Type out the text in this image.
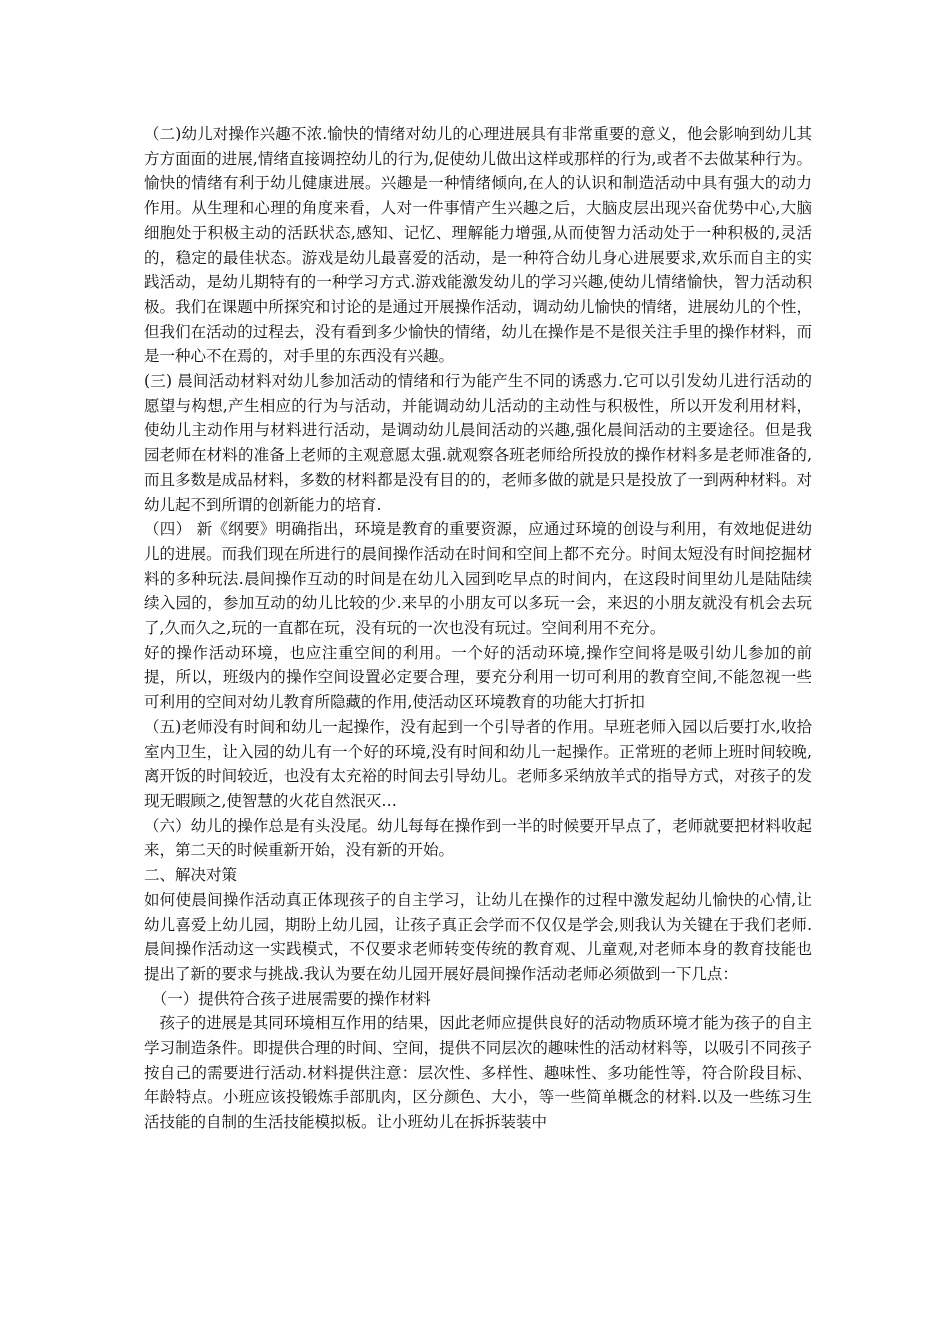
（二)幼儿对操作兴趣不浓.愉快的情绪对幼儿的心理进展具有非常重要的意义，他会影响到幼儿其方方面面的进展,情绪直接调控幼儿的行为,促使幼儿做出这样或那样的行为,或者不去做某种行为。愉快的情绪有利于幼儿健康进展。兴趣是一种情绪倾向,在人的认识和制造活动中具有强大的动力作用。从生理和心理的角度来看，人对一件事情产生兴趣之后，大脑皮层出现兴奋优势中心,大脑细胞处于积极主动的活跃状态,感知、记忆、理解能力增强,从而使智力活动处于一种积极的,灵活的，稳定的最佳状态。游戏是幼儿最喜爱的活动，是一种符合幼儿身心进展要求,欢乐而自主的实践活动，是幼儿期特有的一种学习方式.游戏能激发幼儿的学习兴趣,使幼儿情绪愉快，智力活动积极。我们在课题中所探究和讨论的是通过开展操作活动，调动幼儿愉快的情绪，进展幼儿的个性，但我们在活动的过程去，没有看到多少愉快的情绪，幼儿在操作是不是很关注手里的操作材料，而是一种心不在焉的，对手里的东西没有兴趣。

(三) 晨间活动材料对幼儿参加活动的情绪和行为能产生不同的诱惑力.它可以引发幼儿进行活动的愿望与构想,产生相应的行为与活动，并能调动幼儿活动的主动性与积极性，所以开发利用材料，使幼儿主动作用与材料进行活动，是调动幼儿晨间活动的兴趣,强化晨间活动的主要途径。但是我园老师在材料的准备上老师的主观意愿太强.就观察各班老师给所投放的操作材料多是老师准备的,而且多数是成品材料，多数的材料都是没有目的的，老师多做的就是只是投放了一到两种材料。对幼儿起不到所谓的创新能力的培育.

（四） 新《纲要》明确指出，环境是教育的重要资源，应通过环境的创设与利用，有效地促进幼儿的进展。而我们现在所进行的晨间操作活动在时间和空间上都不充分。时间太短没有时间挖掘材料的多种玩法.晨间操作互动的时间是在幼儿入园到吃早点的时间内，在这段时间里幼儿是陆陆续续入园的，参加互动的幼儿比较的少.来早的小朋友可以多玩一会，来迟的小朋友就没有机会去玩了,久而久之,玩的一直都在玩，没有玩的一次也没有玩过。空间利用不充分。

好的操作活动环境，也应注重空间的利用。一个好的活动环境,操作空间将是吸引幼儿参加的前提，所以，班级内的操作空间设置必定要合理，要充分利用一切可利用的教育空间,不能忽视一些可利用的空间对幼儿教育所隐藏的作用,使活动区环境教育的功能大打折扣

（五)老师没有时间和幼儿一起操作，没有起到一个引导者的作用。早班老师入园以后要打水,收拾室内卫生，让入园的幼儿有一个好的环境,没有时间和幼儿一起操作。正常班的老师上班时间较晚,离开饭的时间较近，也没有太充裕的时间去引导幼儿。老师多采纳放羊式的指导方式，对孩子的发现无暇顾之,使智慧的火花自然泯灭…

（六）幼儿的操作总是有头没尾。幼儿每每在操作到一半的时候要开早点了，老师就要把材料收起来，第二天的时候重新开始，没有新的开始。

二、解决对策

如何使晨间操作活动真正体现孩子的自主学习，让幼儿在操作的过程中激发起幼儿愉快的心情,让幼儿喜爱上幼儿园，期盼上幼儿园，让孩子真正会学而不仅仅是学会,则我认为关键在于我们老师.晨间操作活动这一实践模式，不仅要求老师转变传统的教育观、儿童观,对老师本身的教育技能也提出了新的要求与挑战.我认为要在幼儿园开展好晨间操作活动老师必须做到一下几点：

（一）提供符合孩子进展需要的操作材料

孩子的进展是其同环境相互作用的结果，因此老师应提供良好的活动物质环境才能为孩子的自主学习制造条件。即提供合理的时间、空间，提供不同层次的趣味性的活动材料等，以吸引不同孩子按自己的需要进行活动.材料提供注意：层次性、多样性、趣味性、多功能性等，符合阶段目标、年龄特点。小班应该投锻炼手部肌肉，区分颜色、大小，等一些简单概念的材料.以及一些练习生活技能的自制的生活技能模拟板。让小班幼儿在拆拆装装中
